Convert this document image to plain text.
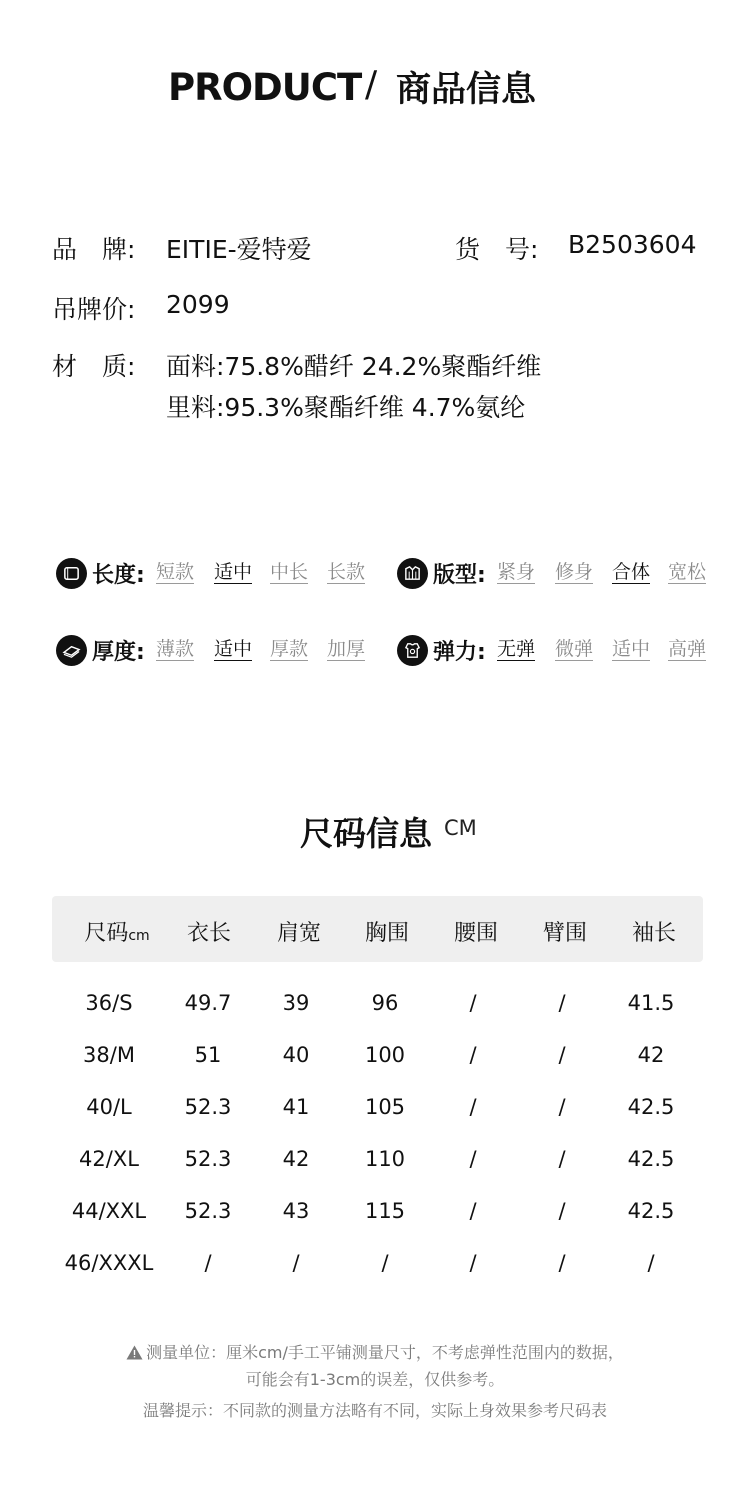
PRODUCT / 商品信息
品　牌: EITIE-爱特爱	货　号: B2503604
吊牌价: 2099
材　质: 面料:75.8%醋纤 24.2%聚酯纤维
里料:95.3%聚酯纤维 4.7%氨纶
长度: 短款 适中 中长 长款	版型: 紧身 修身 合体 宽松
厚度: 薄款 适中 厚款 加厚	弹力: 无弹 微弹 适中 高弹
尺码信息 CM
尺码cm	衣长	肩宽	胸围	腰围	臂围	袖长
36/S	49.7	39	96	/	/	41.5
38/M	51	40	100	/	/	42
40/L	52.3	41	105	/	/	42.5
42/XL	52.3	42	110	/	/	42.5
44/XXL	52.3	43	115	/	/	42.5
46/XXXL	/	/	/	/	/	/
测量单位：厘米cm/手工平铺测量尺寸，不考虑弹性范围内的数据，
可能会有1-3cm的误差，仅供参考。
温馨提示：不同款的测量方法略有不同，实际上身效果参考尺码表
